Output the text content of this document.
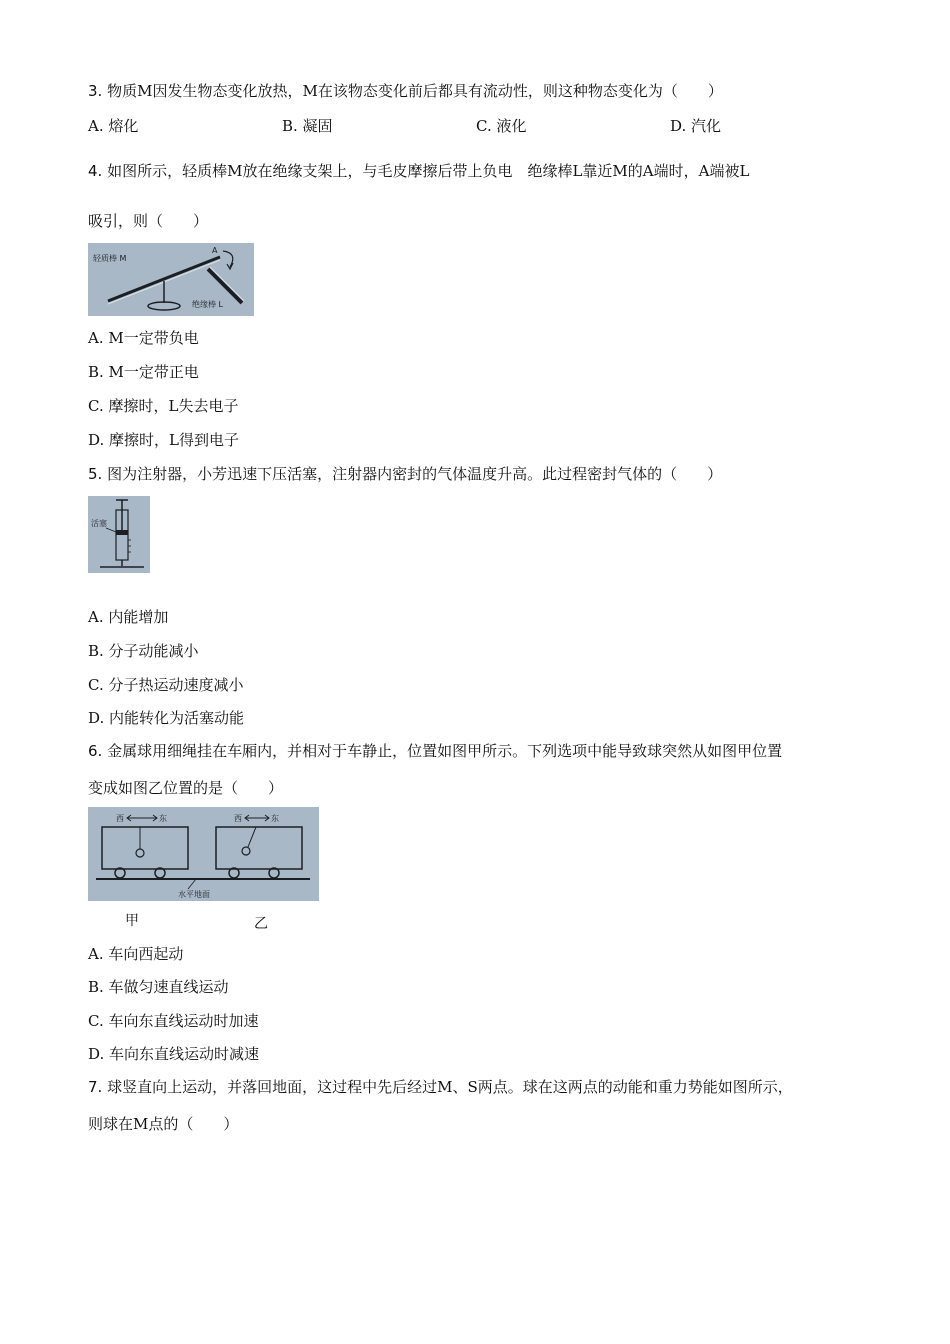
3. 物质M因发生物态变化放热，M在该物态变化前后都具有流动性，则这种物态变化为（　　）
A. 熔化	B. 凝固	C. 液化	D. 汽化
4. 如图所示，轻质棒M放在绝缘支架上，与毛皮摩擦后带上负电　绝缘棒L靠近M的A端时，A端被L
吸引，则（　　）
轻质棒 M
A
绝缘棒 L
A. M一定带负电
B. M一定带正电
C. 摩擦时，L失去电子
D. 摩擦时，L得到电子
5. 图为注射器，小芳迅速下压活塞，注射器内密封的气体温度升高。此过程密封气体的（　　）
活塞
A. 内能增加
B. 分子动能减小
C. 分子热运动速度减小
D. 内能转化为活塞动能
6. 金属球用细绳挂在车厢内，并相对于车静止，位置如图甲所示。下列选项中能导致球突然从如图甲位置
变成如图乙位置的是（　　）
西	东	西	东
水平地面
甲	乙
A. 车向西起动
B. 车做匀速直线运动
C. 车向东直线运动时加速
D. 车向东直线运动时减速
7. 球竖直向上运动，并落回地面，这过程中先后经过M、S两点。球在这两点的动能和重力势能如图所示，
则球在M点的（　　）
